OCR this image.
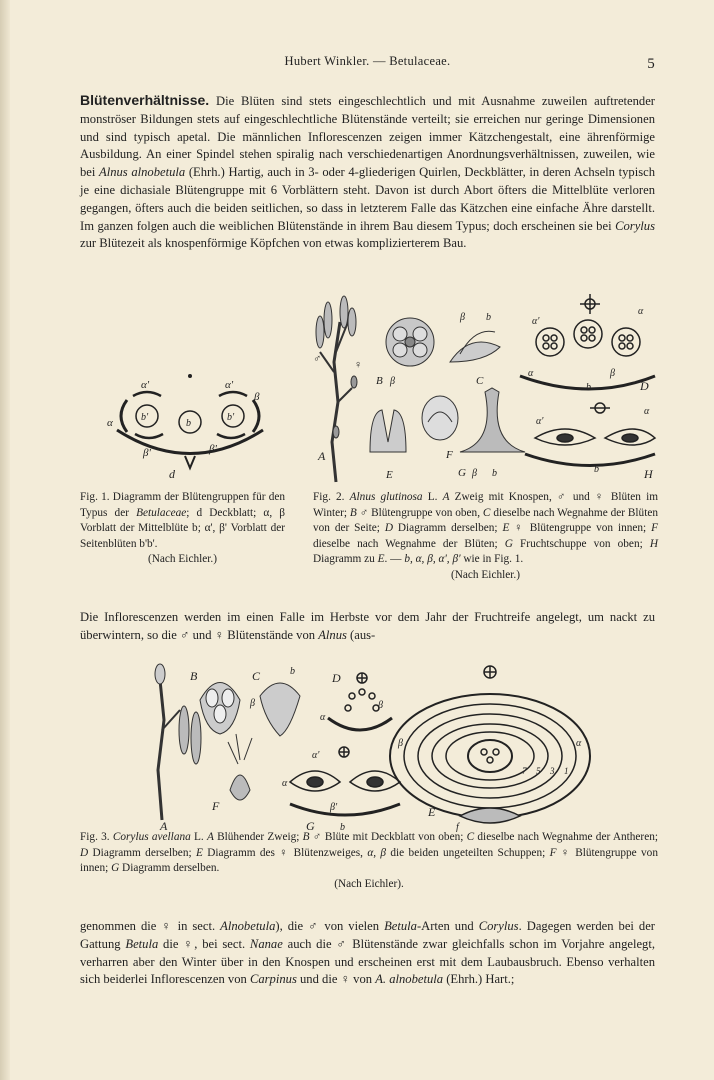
Hubert Winkler. — Betulaceae.	5

Blütenverhältnisse. Die Blüten sind stets eingeschlechtlich und mit Ausnahme zuweilen auftretender monströser Bildungen stets auf eingeschlechtliche Blütenstände verteilt; sie erreichen nur geringe Dimensionen und sind typisch apetal. Die männlichen Inflorescenzen zeigen immer Kätzchengestalt, eine ährenförmige Ausbildung. An einer Spindel stehen spiralig nach verschiedenartigen Anordnungsverhältnissen, zuweilen, wie bei Alnus alnobetula (Ehrh.) Hartig, auch in 3- oder 4-gliederigen Quirlen, Deckblätter, in deren Achseln typisch je eine dichasiale Blütengruppe mit 6 Vorblättern steht. Davon ist durch Abort öfters die Mittelblüte verloren gegangen, öfters auch die beiden seitlichen, so dass in letzterem Falle das Kätzchen eine einfache Ähre darstellt. Im ganzen folgen auch die weiblichen Blütenstände in ihrem Bau diesem Typus; doch erscheinen sie bei Corylus zur Blütezeit als knospenförmige Köpfchen von etwas komplizierterem Bau.

α
α'	α'
β
β'	β'
d
b'
b
b'
♂	♀
A
B β	C
β b	α'
α
α
b
β
D
E
F
G β b
α'
α
b	H

Fig. 1. Diagramm der Blütengruppen für den Typus der Betulaceae; d Deckblatt; α, β Vorblatt der Mittelblüte b; α', β' Vorblatt der Seitenblüten b'b'.
(Nach Eichler.)

Fig. 2. Alnus glutinosa L. A Zweig mit Knospen, ♂ und ♀ Blüten im Winter; B ♂ Blütengruppe von oben, C dieselbe nach Wegnahme der Blüten von der Seite; D Diagramm derselben; E ♀ Blütengruppe von innen; F dieselbe nach Wegnahme der Blüten; G Fruchtschuppe von oben; H Diagramm zu E. — b, α, β, α', β' wie in Fig. 1.
(Nach Eichler.)

Die Inflorescenzen werden im einen Falle im Herbste vor dem Jahr der Fruchtreife angelegt, um nackt zu überwintern, so die ♂ und ♀ Blütenstände von Alnus (aus-

A
B	C	b
β
F
D
α
β
α'
α
β'
G	b
α
β
1
3
5
7
E
f

Fig. 3. Corylus avellana L. A Blühender Zweig; B ♂ Blüte mit Deckblatt von oben; C dieselbe nach Wegnahme der Antheren; D Diagramm derselben; E Diagramm des ♀ Blütenzweiges, α, β die beiden ungeteilten Schuppen; F ♀ Blütengruppe von innen; G Diagramm derselben.
(Nach Eichler).

genommen die ♀ in sect. Alnobetula), die ♂ von vielen Betula-Arten und Corylus. Dagegen werden bei der Gattung Betula die ♀, bei sect. Nanae auch die ♂ Blütenstände zwar gleichfalls schon im Vorjahre angelegt, verharren aber den Winter über in den Knospen und erscheinen erst mit dem Laubausbruch. Ebenso verhalten sich beiderlei Inflorescenzen von Carpinus und die ♀ von A. alnobetula (Ehrh.) Hart.;
